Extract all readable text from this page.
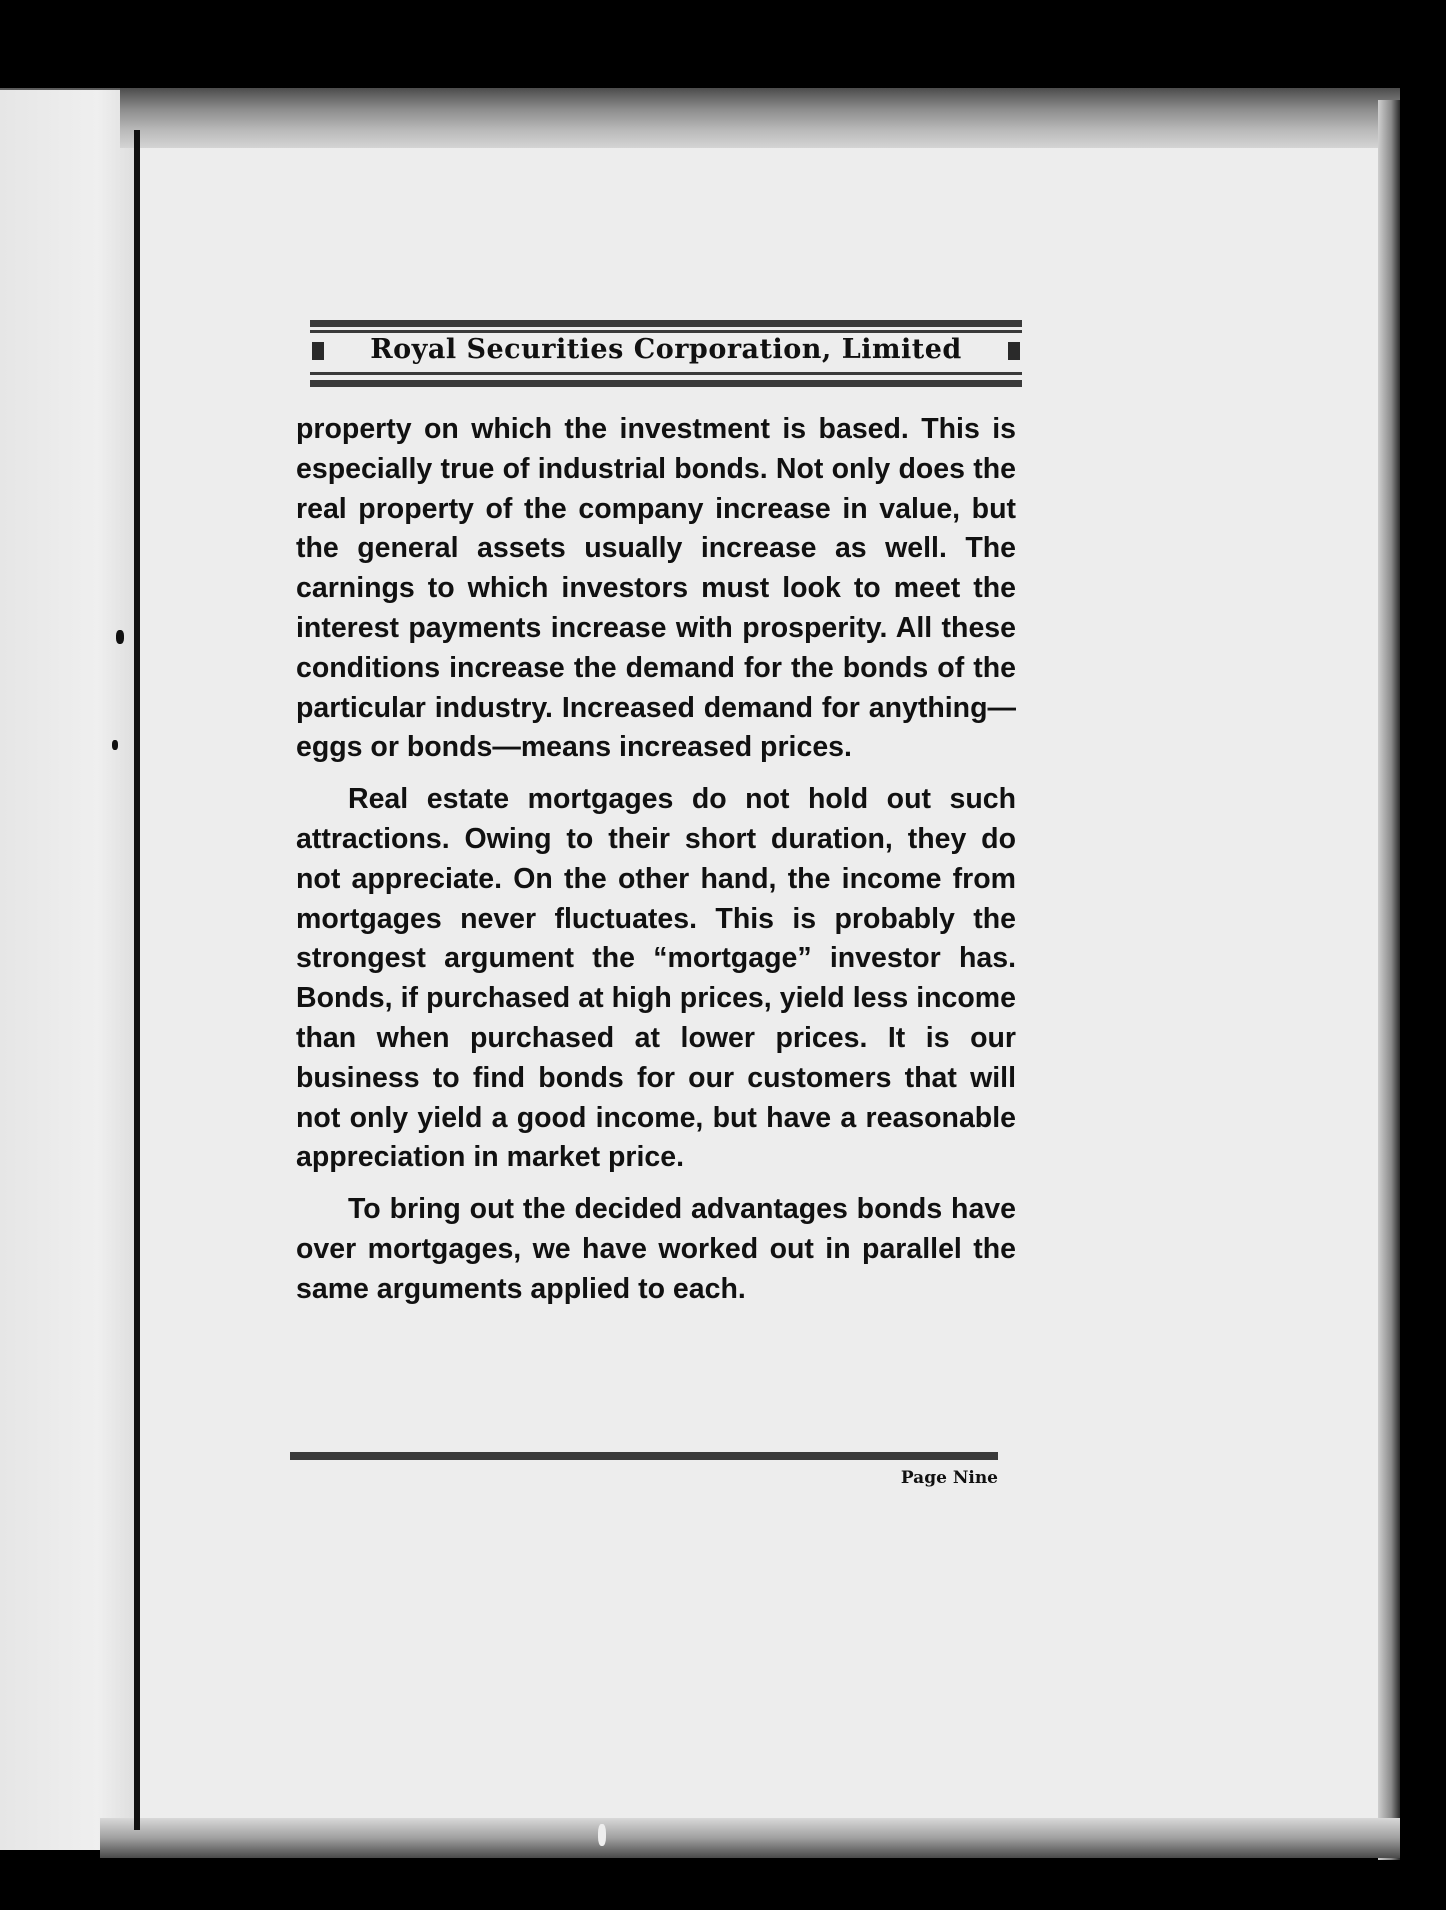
Royal Securities Corporation, Limited

property on which the investment is based. This is especially true of industrial bonds. Not only does the real property of the company increase in value, but the general assets usually increase as well. The carnings to which investors must look to meet the interest payments increase with prosperity. All these conditions increase the demand for the bonds of the particular industry. Increased demand for anything—eggs or bonds—means increased prices.

Real estate mortgages do not hold out such attractions. Owing to their short duration, they do not appreciate. On the other hand, the income from mortgages never fluctuates. This is probably the strongest argument the “mortgage” investor has. Bonds, if purchased at high prices, yield less income than when purchased at lower prices. It is our business to find bonds for our customers that will not only yield a good income, but have a reasonable appreciation in market price.

To bring out the decided advantages bonds have over mortgages, we have worked out in parallel the same arguments applied to each.

Page Nine
